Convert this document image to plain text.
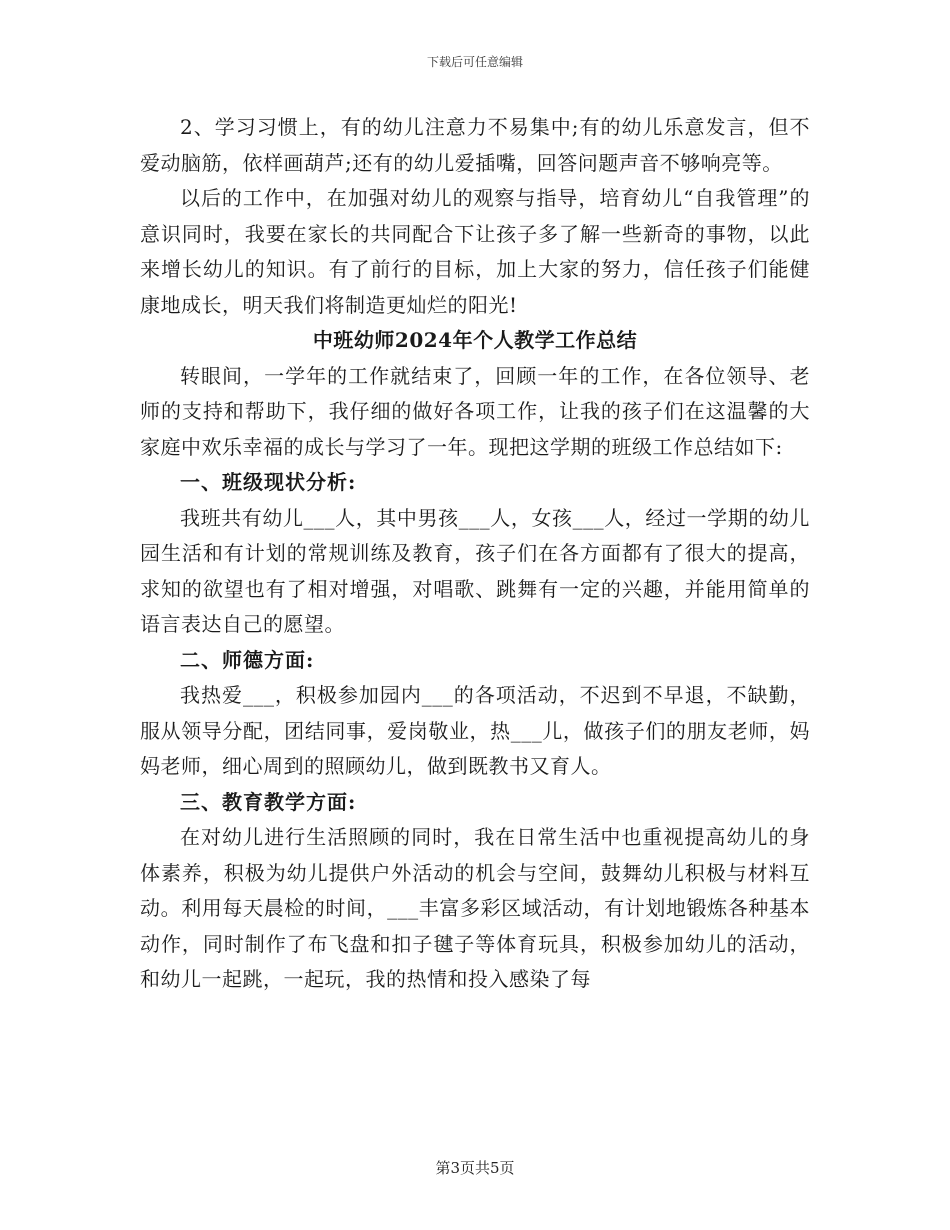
下载后可任意编辑

2、学习习惯上，有的幼儿注意力不易集中;有的幼儿乐意发言，但不爱动脑筋，依样画葫芦;还有的幼儿爱插嘴，回答问题声音不够响亮等。

以后的工作中，在加强对幼儿的观察与指导，培育幼儿“自我管理”的意识同时，我要在家长的共同配合下让孩子多了解一些新奇的事物，以此来增长幼儿的知识。有了前行的目标，加上大家的努力，信任孩子们能健康地成长，明天我们将制造更灿烂的阳光!

中班幼师2024年个人教学工作总结

转眼间，一学年的工作就结束了，回顾一年的工作，在各位领导、老师的支持和帮助下，我仔细的做好各项工作，让我的孩子们在这温馨的大家庭中欢乐幸福的成长与学习了一年。现把这学期的班级工作总结如下:

一、班级现状分析:

我班共有幼儿___人，其中男孩___人，女孩___人，经过一学期的幼儿园生活和有计划的常规训练及教育，孩子们在各方面都有了很大的提高，求知的欲望也有了相对增强，对唱歌、跳舞有一定的兴趣，并能用简单的语言表达自己的愿望。

二、师德方面:

我热爱___，积极参加园内___的各项活动，不迟到不早退，不缺勤，服从领导分配，团结同事，爱岗敬业，热___儿，做孩子们的朋友老师，妈妈老师，细心周到的照顾幼儿，做到既教书又育人。

三、教育教学方面:

在对幼儿进行生活照顾的同时，我在日常生活中也重视提高幼儿的身体素养，积极为幼儿提供户外活动的机会与空间，鼓舞幼儿积极与材料互动。利用每天晨检的时间，___丰富多彩区域活动，有计划地锻炼各种基本动作，同时制作了布飞盘和扣子毽子等体育玩具，积极参加幼儿的活动，和幼儿一起跳，一起玩，我的热情和投入感染了每

第3页共5页
